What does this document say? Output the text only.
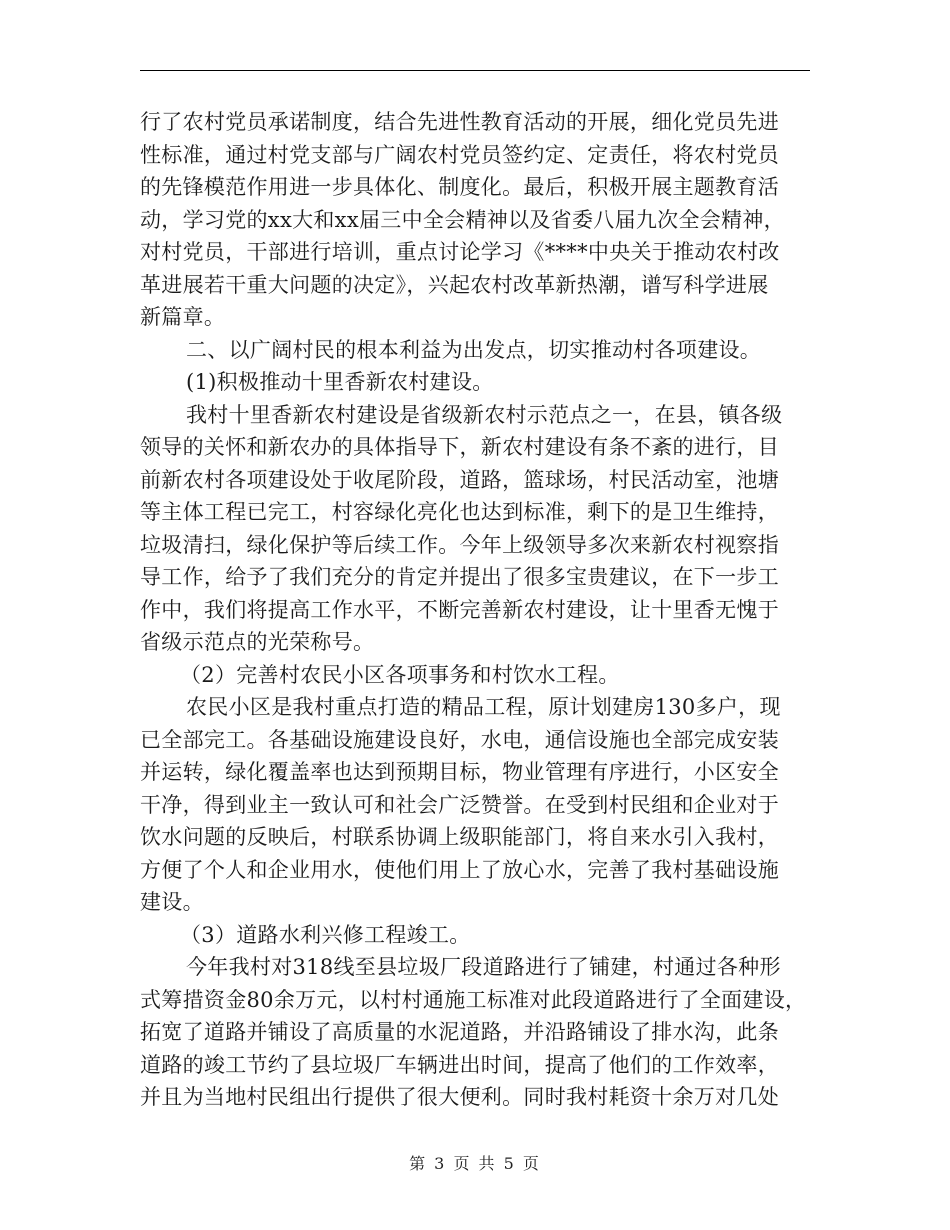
行了农村党员承诺制度，结合先进性教育活动的开展，细化党员先进
性标准，通过村党支部与广阔农村党员签约定、定责任，将农村党员
的先锋模范作用进一步具体化、制度化。最后，积极开展主题教育活
动，学习党的xx大和xx届三中全会精神以及省委八届九次全会精神，
对村党员，干部进行培训，重点讨论学习《****中央关于推动农村改
革进展若干重大问题的决定》，兴起农村改革新热潮，谱写科学进展
新篇章。
二、以广阔村民的根本利益为出发点，切实推动村各项建设。
(1)积极推动十里香新农村建设。
我村十里香新农村建设是省级新农村示范点之一，在县，镇各级
领导的关怀和新农办的具体指导下，新农村建设有条不紊的进行，目
前新农村各项建设处于收尾阶段，道路，篮球场，村民活动室，池塘
等主体工程已完工，村容绿化亮化也达到标准，剩下的是卫生维持，
垃圾清扫，绿化保护等后续工作。今年上级领导多次来新农村视察指
导工作，给予了我们充分的肯定并提出了很多宝贵建议，在下一步工
作中，我们将提高工作水平，不断完善新农村建设，让十里香无愧于
省级示范点的光荣称号。
（2）完善村农民小区各项事务和村饮水工程。
农民小区是我村重点打造的精品工程，原计划建房130多户，现
已全部完工。各基础设施建设良好，水电，通信设施也全部完成安装
并运转，绿化覆盖率也达到预期目标，物业管理有序进行，小区安全
干净，得到业主一致认可和社会广泛赞誉。在受到村民组和企业对于
饮水问题的反映后，村联系协调上级职能部门，将自来水引入我村，
方便了个人和企业用水，使他们用上了放心水，完善了我村基础设施
建设。
（3）道路水利兴修工程竣工。
今年我村对318线至县垃圾厂段道路进行了铺建，村通过各种形
式筹措资金80余万元，以村村通施工标准对此段道路进行了全面建设，
拓宽了道路并铺设了高质量的水泥道路，并沿路铺设了排水沟，此条
道路的竣工节约了县垃圾厂车辆进出时间，提高了他们的工作效率，
并且为当地村民组出行提供了很大便利。同时我村耗资十余万对几处
第 3 页 共 5 页
